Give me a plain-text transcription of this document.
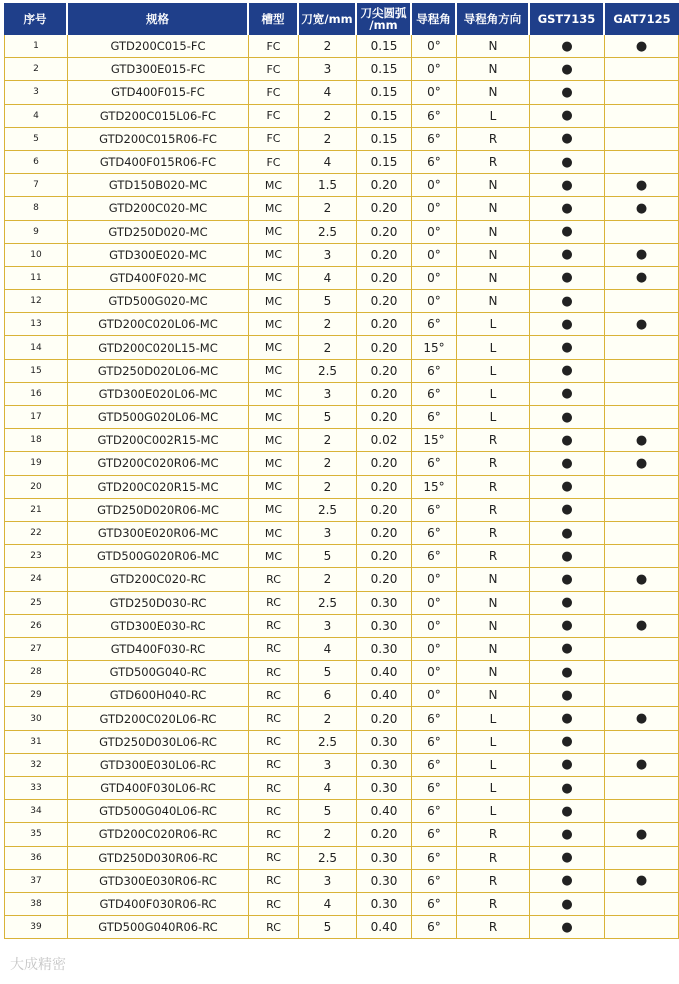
序号	规格	槽型	刀宽/mm	刀尖圆弧
/mm	导程角	导程角方向	GST7135	GAT7125
1	GTD200C015-FC	FC	2	0.15	0°	N	●	●
2	GTD300E015-FC	FC	3	0.15	0°	N	●	
3	GTD400F015-FC	FC	4	0.15	0°	N	●	
4	GTD200C015L06-FC	FC	2	0.15	6°	L	●	
5	GTD200C015R06-FC	FC	2	0.15	6°	R	●	
6	GTD400F015R06-FC	FC	4	0.15	6°	R	●	
7	GTD150B020-MC	MC	1.5	0.20	0°	N	●	●
8	GTD200C020-MC	MC	2	0.20	0°	N	●	●
9	GTD250D020-MC	MC	2.5	0.20	0°	N	●	
10	GTD300E020-MC	MC	3	0.20	0°	N	●	●
11	GTD400F020-MC	MC	4	0.20	0°	N	●	●
12	GTD500G020-MC	MC	5	0.20	0°	N	●	
13	GTD200C020L06-MC	MC	2	0.20	6°	L	●	●
14	GTD200C020L15-MC	MC	2	0.20	15°	L	●	
15	GTD250D020L06-MC	MC	2.5	0.20	6°	L	●	
16	GTD300E020L06-MC	MC	3	0.20	6°	L	●	
17	GTD500G020L06-MC	MC	5	0.20	6°	L	●	
18	GTD200C002R15-MC	MC	2	0.02	15°	R	●	●
19	GTD200C020R06-MC	MC	2	0.20	6°	R	●	●
20	GTD200C020R15-MC	MC	2	0.20	15°	R	●	
21	GTD250D020R06-MC	MC	2.5	0.20	6°	R	●	
22	GTD300E020R06-MC	MC	3	0.20	6°	R	●	
23	GTD500G020R06-MC	MC	5	0.20	6°	R	●	
24	GTD200C020-RC	RC	2	0.20	0°	N	●	●
25	GTD250D030-RC	RC	2.5	0.30	0°	N	●	
26	GTD300E030-RC	RC	3	0.30	0°	N	●	●
27	GTD400F030-RC	RC	4	0.30	0°	N	●	
28	GTD500G040-RC	RC	5	0.40	0°	N	●	
29	GTD600H040-RC	RC	6	0.40	0°	N	●	
30	GTD200C020L06-RC	RC	2	0.20	6°	L	●	●
31	GTD250D030L06-RC	RC	2.5	0.30	6°	L	●	
32	GTD300E030L06-RC	RC	3	0.30	6°	L	●	●
33	GTD400F030L06-RC	RC	4	0.30	6°	L	●	
34	GTD500G040L06-RC	RC	5	0.40	6°	L	●	
35	GTD200C020R06-RC	RC	2	0.20	6°	R	●	●
36	GTD250D030R06-RC	RC	2.5	0.30	6°	R	●	
37	GTD300E030R06-RC	RC	3	0.30	6°	R	●	●
38	GTD400F030R06-RC	RC	4	0.30	6°	R	●	
39	GTD500G040R06-RC	RC	5	0.40	6°	R	●	
大成精密
